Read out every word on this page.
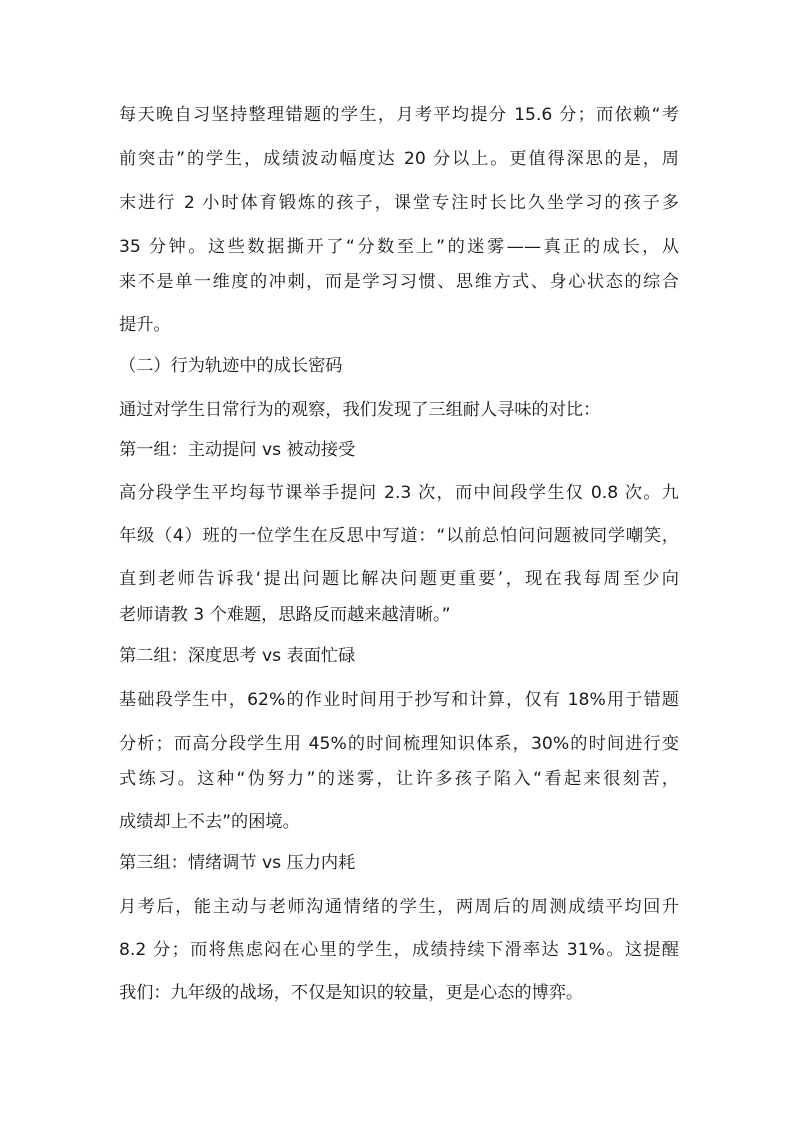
每天晚自习坚持整理错题的学生，月考平均提分 15.6 分；而依赖“考
前突击”的学生，成绩波动幅度达 20 分以上。更值得深思的是，周
末进行 2 小时体育锻炼的孩子，课堂专注时长比久坐学习的孩子多
35 分钟。这些数据撕开了“分数至上”的迷雾——真正的成长，从
来不是单一维度的冲刺，而是学习习惯、思维方式、身心状态的综合
提升。
（二）行为轨迹中的成长密码
通过对学生日常行为的观察，我们发现了三组耐人寻味的对比：
第一组：主动提问 vs 被动接受
高分段学生平均每节课举手提问 2.3 次，而中间段学生仅 0.8 次。九
年级（4）班的一位学生在反思中写道：“以前总怕问问题被同学嘲笑，
直到老师告诉我‘提出问题比解决问题更重要’，现在我每周至少向
老师请教 3 个难题，思路反而越来越清晰。”
第二组：深度思考 vs 表面忙碌
基础段学生中，62%的作业时间用于抄写和计算，仅有 18%用于错题
分析；而高分段学生用 45%的时间梳理知识体系，30%的时间进行变
式练习。这种“伪努力”的迷雾，让许多孩子陷入“看起来很刻苦，
成绩却上不去”的困境。
第三组：情绪调节 vs 压力内耗
月考后，能主动与老师沟通情绪的学生，两周后的周测成绩平均回升
8.2 分；而将焦虑闷在心里的学生，成绩持续下滑率达 31%。这提醒
我们：九年级的战场，不仅是知识的较量，更是心态的博弈。
